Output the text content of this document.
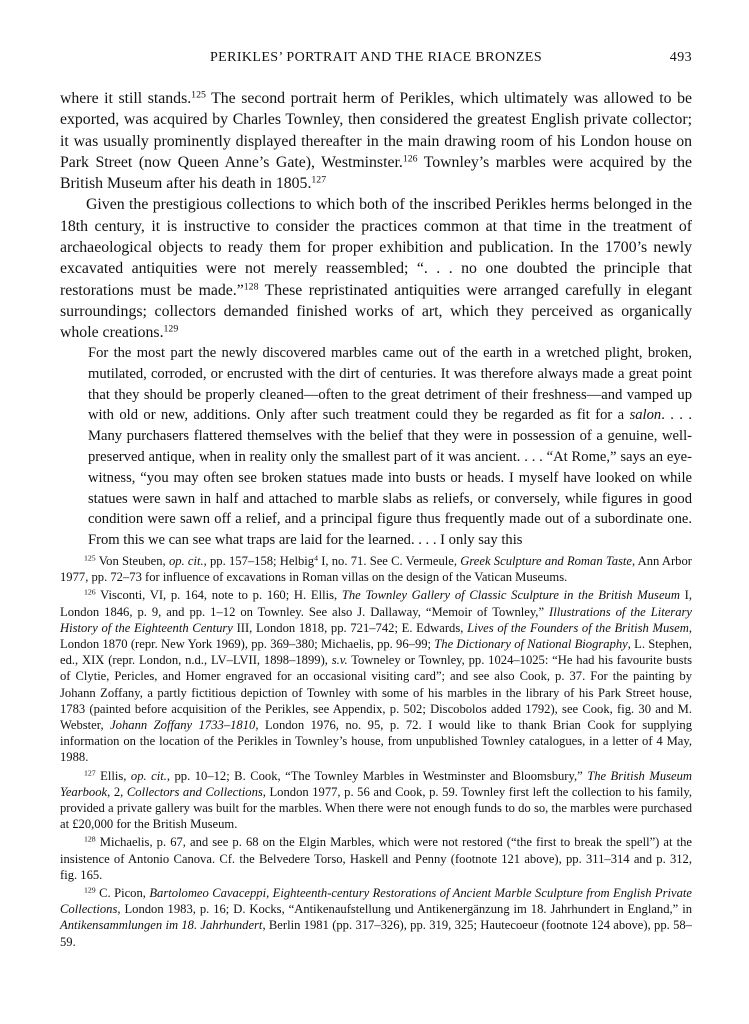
PERIKLES’ PORTRAIT AND THE RIACE BRONZES	493

where it still stands.$^{125}$ The second portrait herm of Perikles, which ultimately was allowed to be exported, was acquired by Charles Townley, then considered the greatest English private collector; it was usually prominently displayed thereafter in the main drawing room of his London house on Park Street (now Queen Anne’s Gate), Westminster.$^{126}$ Townley’s marbles were acquired by the British Museum after his death in 1805.$^{127}$

Given the prestigious collections to which both of the inscribed Perikles herms belonged in the 18th century, it is instructive to consider the practices common at that time in the treatment of archaeological objects to ready them for proper exhibition and publication. In the 1700’s newly excavated antiquities were not merely reassembled; “. . . no one doubted the principle that restorations must be made.”$^{128}$ These repristinated antiquities were arranged carefully in elegant surroundings; collectors demanded finished works of art, which they perceived as organically whole creations.$^{129}$

For the most part the newly discovered marbles came out of the earth in a wretched plight, broken, mutilated, corroded, or encrusted with the dirt of centuries. It was therefore always made a great point that they should be properly cleaned—often to the great detriment of their freshness—and vamped up with old or new, additions. Only after such treatment could they be regarded as fit for a salon. . . . Many purchasers flattered themselves with the belief that they were in possession of a genuine, well-preserved antique, when in reality only the smallest part of it was ancient. . . . “At Rome,” says an eye-witness, “you may often see broken statues made into busts or heads. I myself have looked on while statues were sawn in half and attached to marble slabs as reliefs, or conversely, while figures in good condition were sawn off a relief, and a principal figure thus frequently made out of a subordinate one. From this we can see what traps are laid for the learned. . . . I only say this

$^{125}$ Von Steuben, op. cit., pp. 157–158; Helbig$^4$ I, no. 71. See C. Vermeule, Greek Sculpture and Roman Taste, Ann Arbor 1977, pp. 72–73 for influence of excavations in Roman villas on the design of the Vatican Museums.

$^{126}$ Visconti, VI, p. 164, note to p. 160; H. Ellis, The Townley Gallery of Classic Sculpture in the British Museum I, London 1846, p. 9, and pp. 1–12 on Townley. See also J. Dallaway, “Memoir of Townley,” Illustrations of the Literary History of the Eighteenth Century III, London 1818, pp. 721–742; E. Edwards, Lives of the Founders of the British Musem, London 1870 (repr. New York 1969), pp. 369–380; Michaelis, pp. 96–99; The Dictionary of National Biography, L. Stephen, ed., XIX (repr. London, n.d., LV–LVII, 1898–1899), s.v. Towneley or Townley, pp. 1024–1025: “He had his favourite busts of Clytie, Pericles, and Homer engraved for an occasional visiting card”; and see also Cook, p. 37. For the painting by Johann Zoffany, a partly fictitious depiction of Townley with some of his marbles in the library of his Park Street house, 1783 (painted before acquisition of the Perikles, see Appendix, p. 502; Discobolos added 1792), see Cook, fig. 30 and M. Webster, Johann Zoffany 1733–1810, London 1976, no. 95, p. 72. I would like to thank Brian Cook for supplying information on the location of the Perikles in Townley’s house, from unpublished Townley catalogues, in a letter of 4 May, 1988.

$^{127}$ Ellis, op. cit., pp. 10–12; B. Cook, “The Townley Marbles in Westminster and Bloomsbury,” The British Museum Yearbook, 2, Collectors and Collections, London 1977, p. 56 and Cook, p. 59. Townley first left the collection to his family, provided a private gallery was built for the marbles. When there were not enough funds to do so, the marbles were purchased at £20,000 for the British Museum.

$^{128}$ Michaelis, p. 67, and see p. 68 on the Elgin Marbles, which were not restored (“the first to break the spell”) at the insistence of Antonio Canova. Cf. the Belvedere Torso, Haskell and Penny (footnote 121 above), pp. 311–314 and p. 312, fig. 165.

$^{129}$ C. Picon, Bartolomeo Cavaceppi, Eighteenth-century Restorations of Ancient Marble Sculpture from English Private Collections, London 1983, p. 16; D. Kocks, “Antikenaufstellung und Antikenergänzung im 18. Jahrhundert in England,” in Antikensammlungen im 18. Jahrhundert, Berlin 1981 (pp. 317–326), pp. 319, 325; Hautecoeur (footnote 124 above), pp. 58–59.
